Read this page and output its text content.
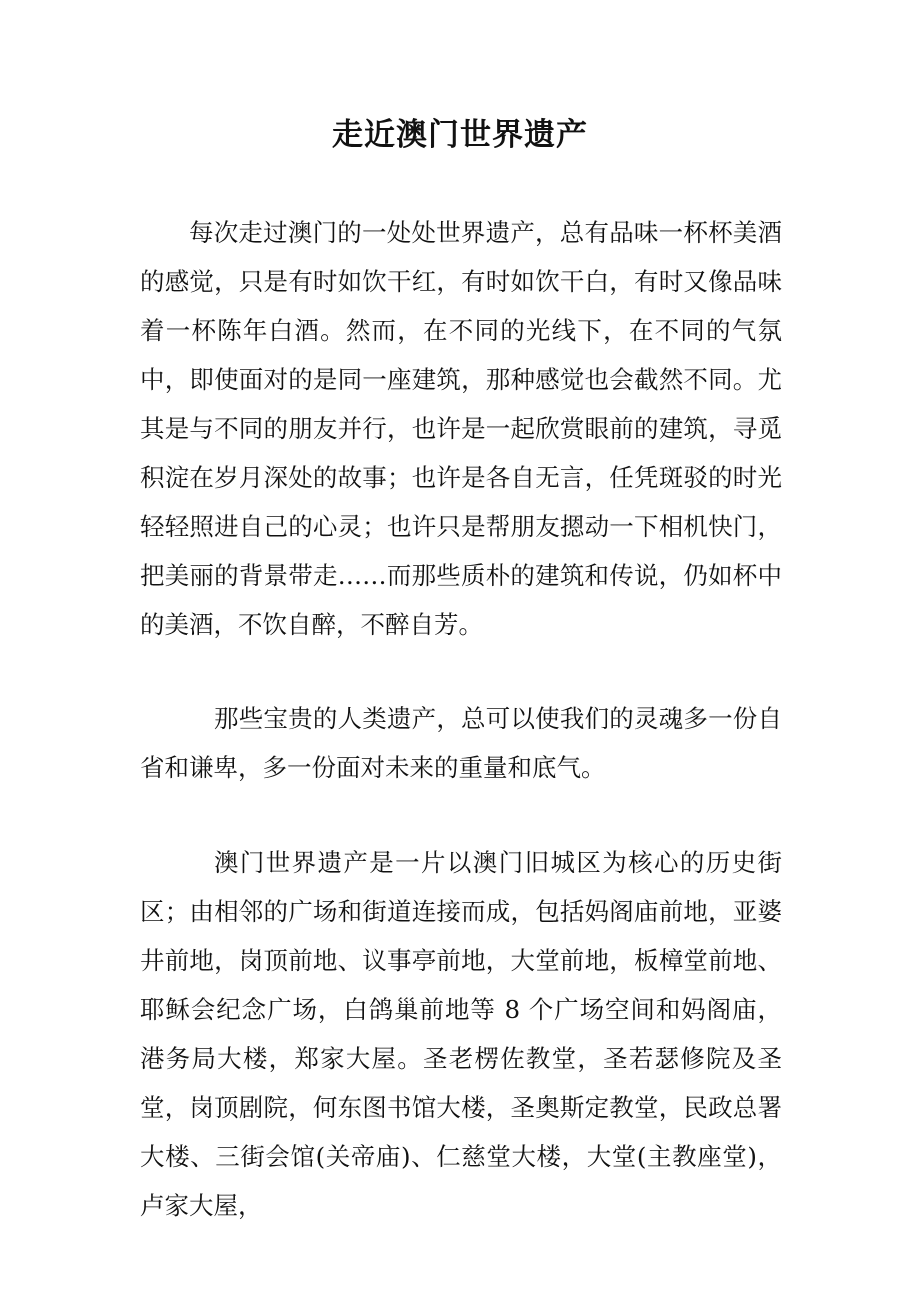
走近澳门世界遗产

每次走过澳门的一处处世界遗产，总有品味一杯杯美酒的感觉，只是有时如饮干红，有时如饮干白，有时又像品味着一杯陈年白酒。然而，在不同的光线下，在不同的气氛中，即使面对的是同一座建筑，那种感觉也会截然不同。尤其是与不同的朋友并行，也许是一起欣赏眼前的建筑，寻觅积淀在岁月深处的故事；也许是各自无言，任凭斑驳的时光轻轻照进自己的心灵；也许只是帮朋友摁动一下相机快门，把美丽的背景带走……而那些质朴的建筑和传说，仍如杯中的美酒，不饮自醉，不醉自芳。

那些宝贵的人类遗产，总可以使我们的灵魂多一份自省和谦卑，多一份面对未来的重量和底气。

澳门世界遗产是一片以澳门旧城区为核心的历史街区；由相邻的广场和街道连接而成，包括妈阁庙前地，亚婆井前地，岗顶前地、议事亭前地，大堂前地，板樟堂前地、耶稣会纪念广场，白鸽巢前地等 8 个广场空间和妈阁庙，港务局大楼，郑家大屋。圣老楞佐教堂，圣若瑟修院及圣堂，岗顶剧院，何东图书馆大楼，圣奥斯定教堂，民政总署大楼、三街会馆(关帝庙)、仁慈堂大楼，大堂(主教座堂)，卢家大屋，
